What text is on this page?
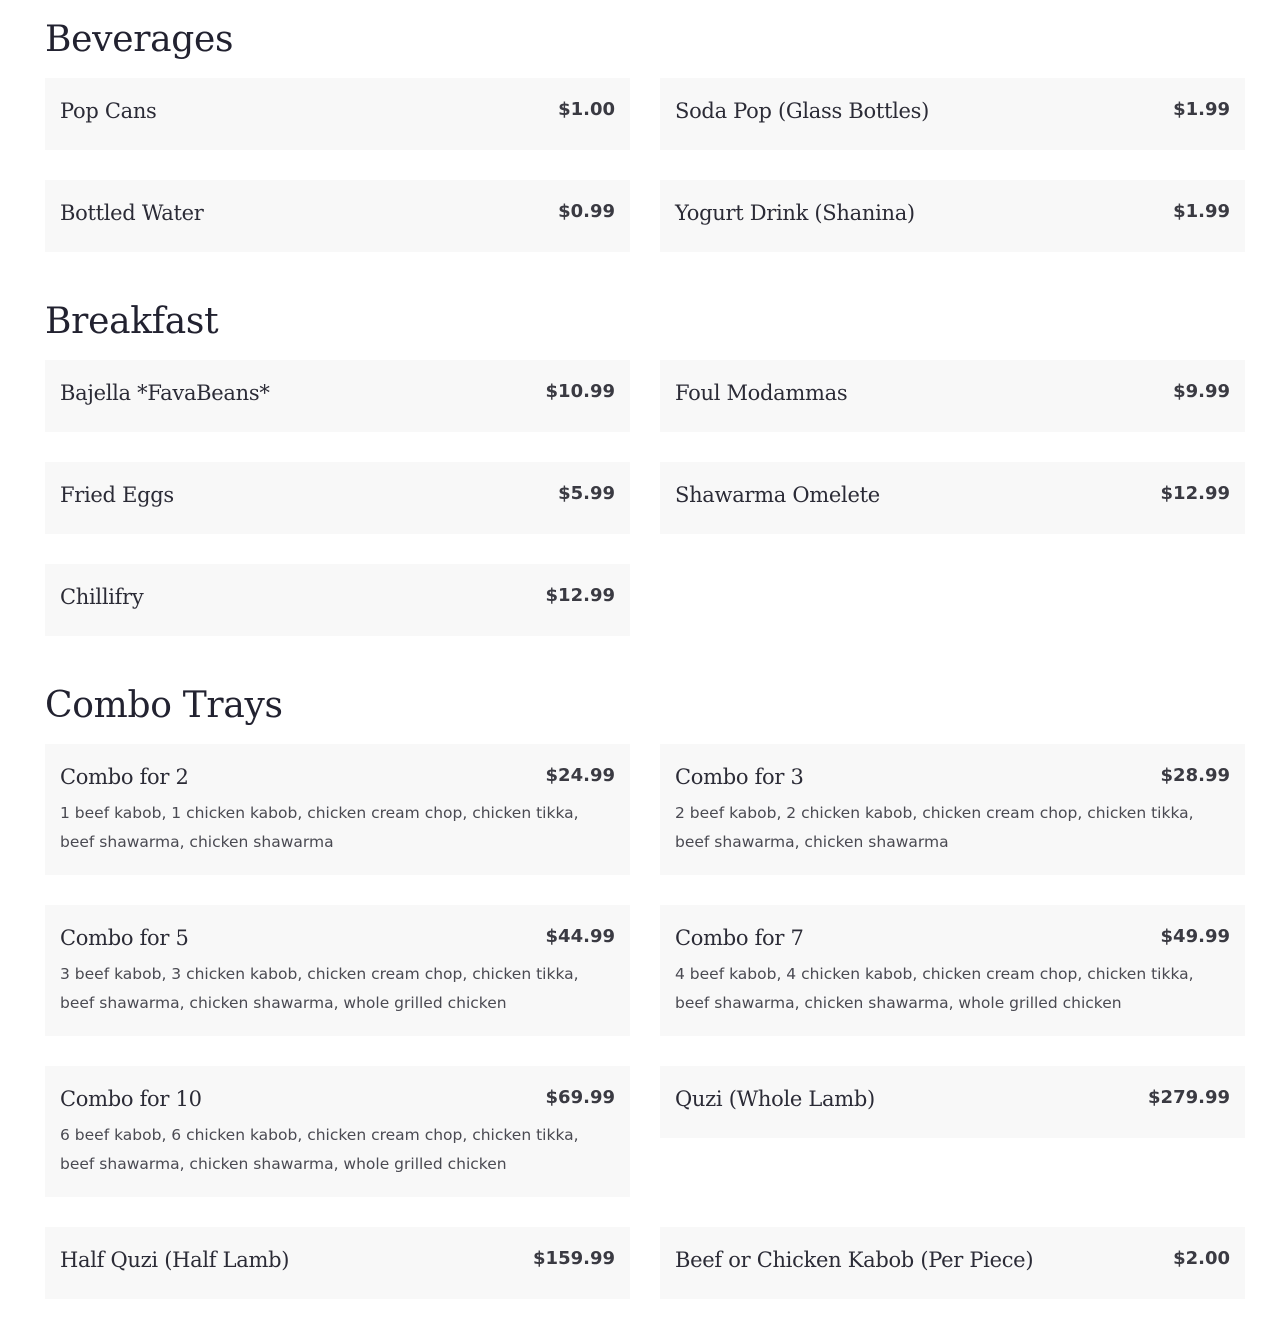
Beverages
Pop Cans	$1.00	Soda Pop (Glass Bottles)	$1.99
Bottled Water	$0.99	Yogurt Drink (Shanina)	$1.99
Breakfast
Bajella *FavaBeans*	$10.99	Foul Modammas	$9.99
Fried Eggs	$5.99	Shawarma Omelete	$12.99
Chillifry	$12.99
Combo Trays
Combo for 2	$24.99
1 beef kabob, 1 chicken kabob, chicken cream chop, chicken tikka, beef shawarma, chicken shawarma
Combo for 3	$28.99
2 beef kabob, 2 chicken kabob, chicken cream chop, chicken tikka, beef shawarma, chicken shawarma
Combo for 5	$44.99
3 beef kabob, 3 chicken kabob, chicken cream chop, chicken tikka, beef shawarma, chicken shawarma, whole grilled chicken
Combo for 7	$49.99
4 beef kabob, 4 chicken kabob, chicken cream chop, chicken tikka, beef shawarma, chicken shawarma, whole grilled chicken
Combo for 10	$69.99
6 beef kabob, 6 chicken kabob, chicken cream chop, chicken tikka, beef shawarma, chicken shawarma, whole grilled chicken
Quzi (Whole Lamb)	$279.99
Half Quzi (Half Lamb)	$159.99	Beef or Chicken Kabob (Per Piece)	$2.00
